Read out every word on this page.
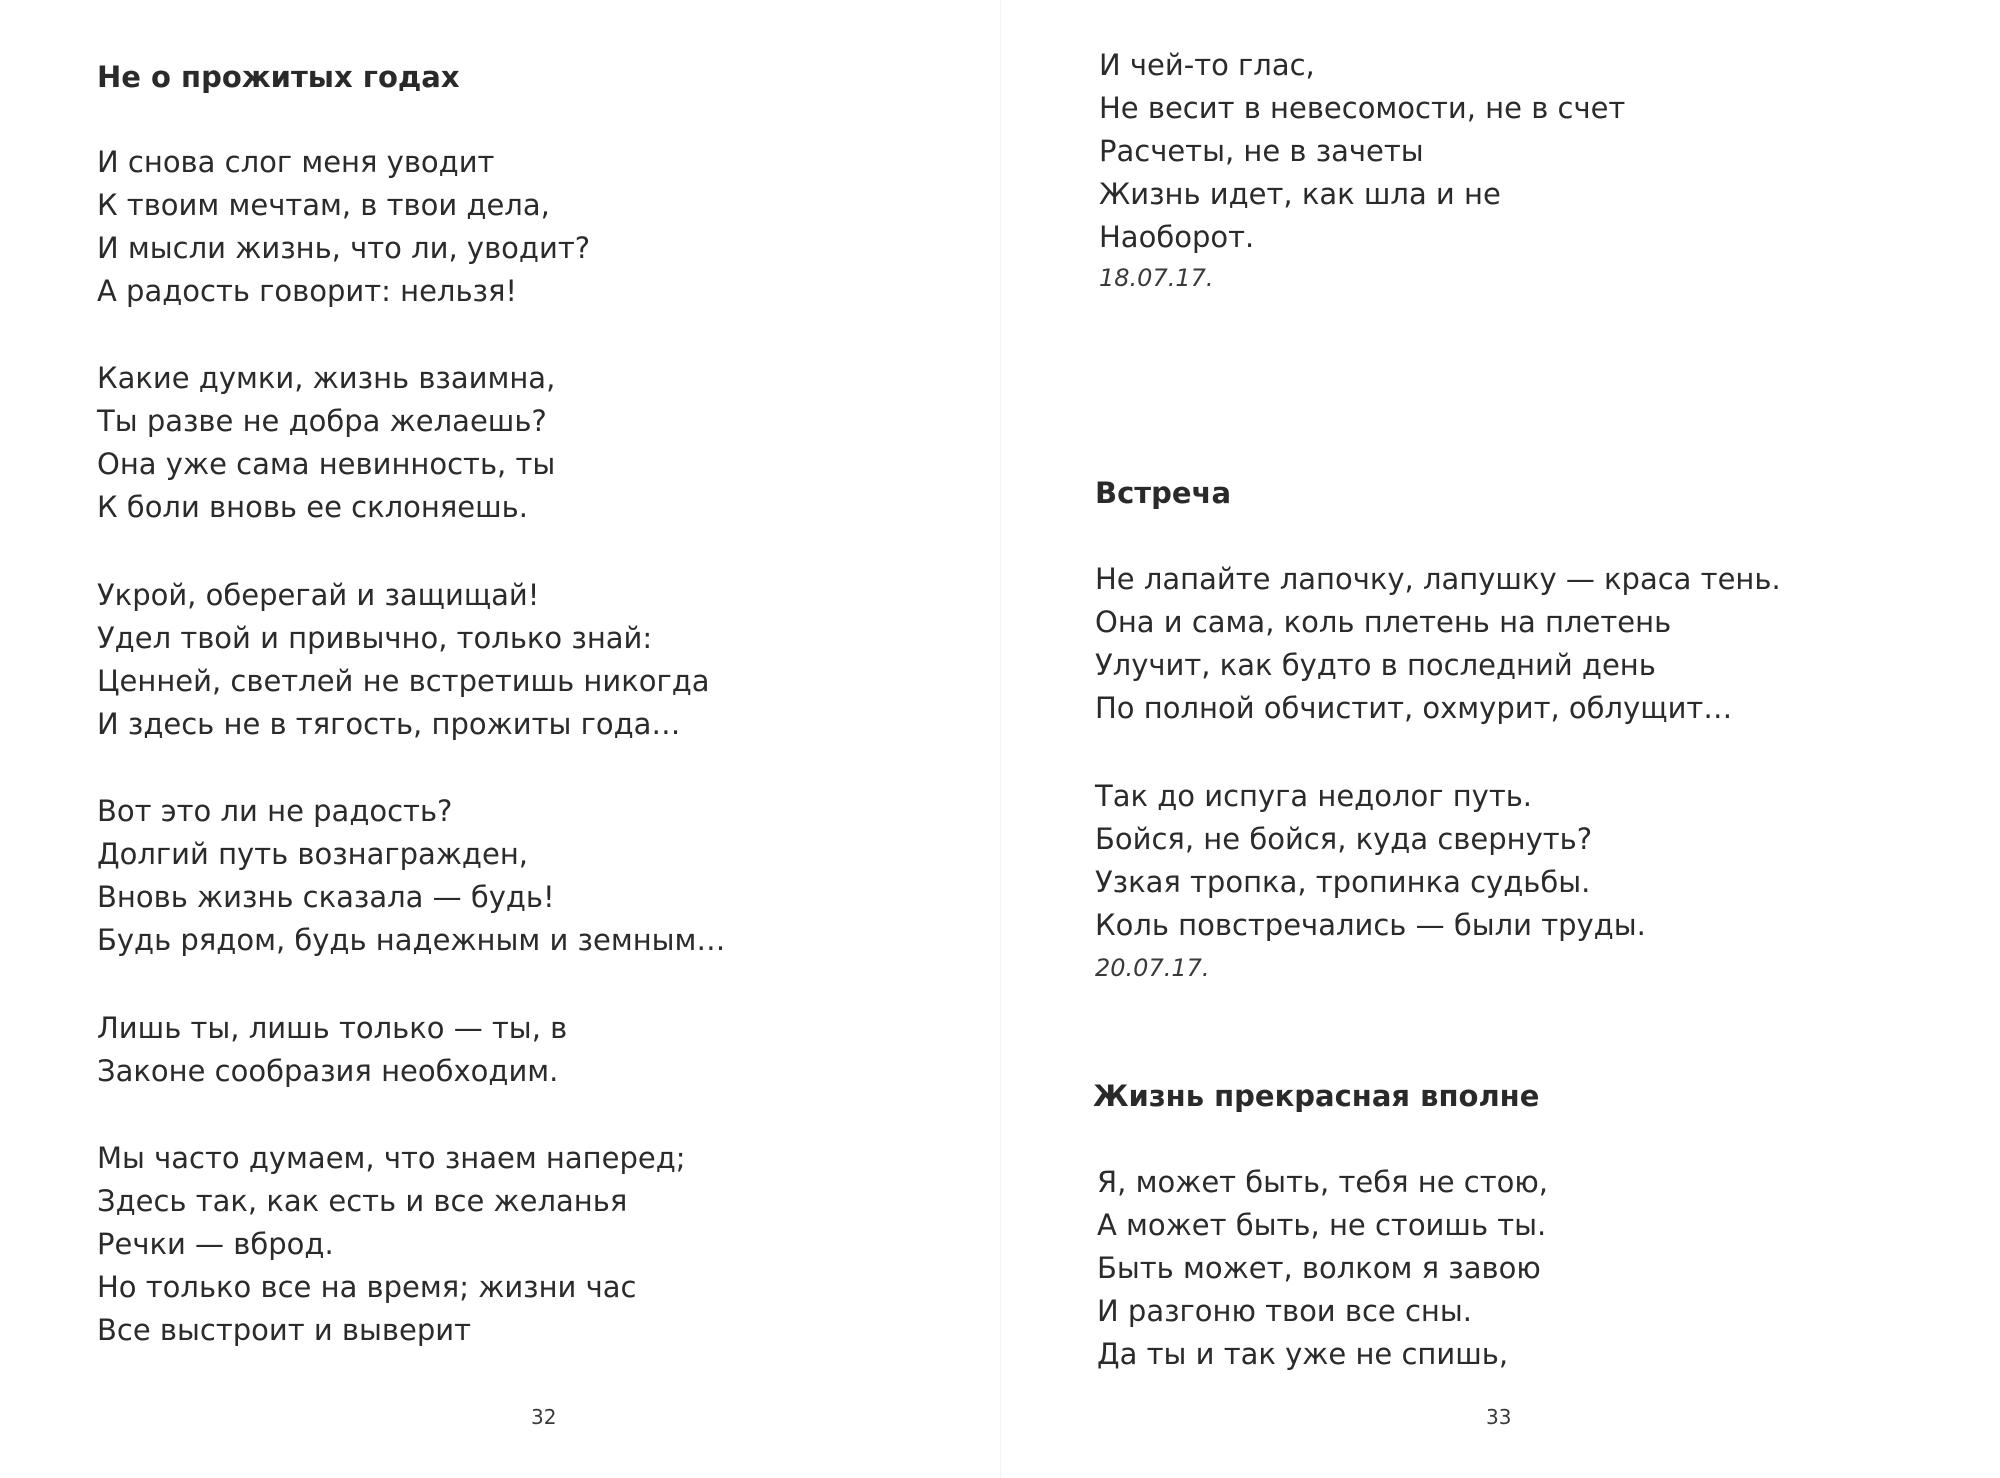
Не о прожитых годах
И снова слог меня уводит
К твоим мечтам, в твои дела,
И мысли жизнь, что ли, уводит?
А радость говорит: нельзя!
Какие думки, жизнь взаимна,
Ты разве не добра желаешь?
Она уже сама невинность, ты
К боли вновь ее склоняешь.
Укрой, оберегай и защищай!
Удел твой и привычно, только знай:
Ценней, светлей не встретишь никогда
И здесь не в тягость, прожиты года…
Вот это ли не радость?
Долгий путь вознагражден,
Вновь жизнь сказала — будь!
Будь рядом, будь надежным и земным…
Лишь ты, лишь только — ты, в
Законе сообразия необходим.
Мы часто думаем, что знаем наперед;
Здесь так, как есть и все желанья
Речки — вброд.
Но только все на время; жизни час
Все выстроит и выверит
32
И чей-то глас,
Не весит в невесомости, не в счет
Расчеты, не в зачеты
Жизнь идет, как шла и не
Наоборот.
18.07.17.
Встреча
Не лапайте лапочку, лапушку — краса тень.
Она и сама, коль плетень на плетень
Улучит, как будто в последний день
По полной обчистит, охмурит, облущит…
Так до испуга недолог путь.
Бойся, не бойся, куда свернуть?
Узкая тропка, тропинка судьбы.
Коль повстречались — были труды.
20.07.17.
Жизнь прекрасная вполне
Я, может быть, тебя не стою,
А может быть, не стоишь ты.
Быть может, волком я завою
И разгоню твои все сны.
Да ты и так уже не спишь,
33
